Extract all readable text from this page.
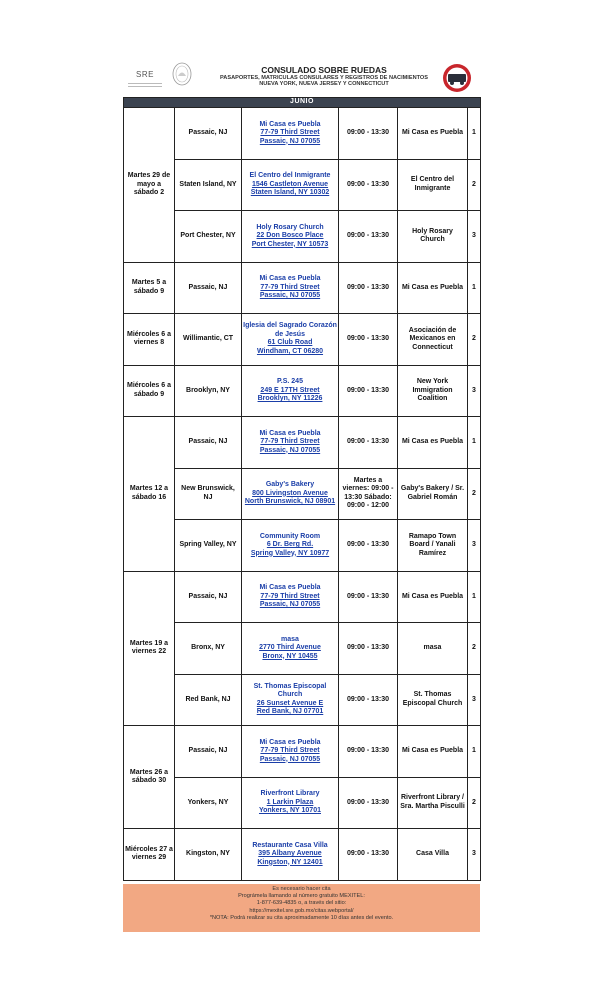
SRE	CONSULADO SOBRE RUEDAS
PASAPORTES, MATRICULAS CONSULARES Y REGISTROS DE NACIMIENTOS
NUEVA YORK, NUEVA JERSEY Y CONNECTICUT
JUNIO					
Martes 29 de mayo a sábado 2	Passaic, NJ	Mi Casa es Puebla
77-79 Third Street
Passaic, NJ 07055	09:00 - 13:30	Mi Casa es Puebla	1
	Staten Island, NY	El Centro del Inmigrante
1546 Castleton Avenue
Staten Island, NY 10302	09:00 - 13:30	El Centro del Inmigrante	2
	Port Chester, NY	Holy Rosary Church
22 Don Bosco Place
Port Chester, NY 10573	09:00 - 13:30	Holy Rosary Church	3
Martes 5 a sábado 9	Passaic, NJ	Mi Casa es Puebla
77-79 Third Street
Passaic, NJ 07055	09:00 - 13:30	Mi Casa es Puebla	1
Miércoles 6 a viernes 8	Willimantic, CT	Iglesia del Sagrado Corazón de Jesús
61 Club Road
Windham, CT 06280	09:00 - 13:30	Asociación de Mexicanos en Connecticut	2
Miércoles 6 a sábado 9	Brooklyn, NY	P.S. 245
249 E 17TH Street
Brooklyn, NY 11226	09:00 - 13:30	New York Immigration Coalition	3
Martes 12 a sábado 16	Passaic, NJ	Mi Casa es Puebla
77-79 Third Street
Passaic, NJ 07055	09:00 - 13:30	Mi Casa es Puebla	1
	New Brunswick, NJ	Gaby's Bakery
800 Livingston Avenue
North Brunswick, NJ 08901	Martes a viernes: 09:00 - 13:30 Sábado: 09:00 - 12:00	Gaby's Bakery / Sr. Gabriel Román	2
	Spring Valley, NY	Community Room
6 Dr. Berg Rd.
Spring Valley, NY 10977	09:00 - 13:30	Ramapo Town Board / Yanali Ramírez	3
Martes 19 a viernes 22	Passaic, NJ	Mi Casa es Puebla
77-79 Third Street
Passaic, NJ 07055	09:00 - 13:30	Mi Casa es Puebla	1
	Bronx, NY	masa
2770 Third Avenue
Bronx, NY 10455	09:00 - 13:30	masa	2
	Red Bank, NJ	St. Thomas Episcopal Church
26 Sunset Avenue E
Red Bank, NJ 07701	09:00 - 13:30	St. Thomas Episcopal Church	3
Martes 26 a sábado 30	Passaic, NJ	Mi Casa es Puebla
77-79 Third Street
Passaic, NJ 07055	09:00 - 13:30	Mi Casa es Puebla	1
	Yonkers, NY	Riverfront Library
1 Larkin Plaza
Yonkers, NY 10701	09:00 - 13:30	Riverfront Library / Sra. Martha Pisculli	2
Miércoles 27 a viernes 29	Kingston, NY	Restaurante Casa Villa
395 Albany Avenue
Kingston, NY 12401	09:00 - 13:30	Casa Villa	3
Es necesario hacer cita
Prográmela llamando al número gratuito MEXITEL:
1-877-639-4835 o, a través del sitio:
https://mexitel.sre.gob.mx/citas.webportal/
*NOTA: Podrá realizar su cita aproximadamente 10 días antes del evento.
